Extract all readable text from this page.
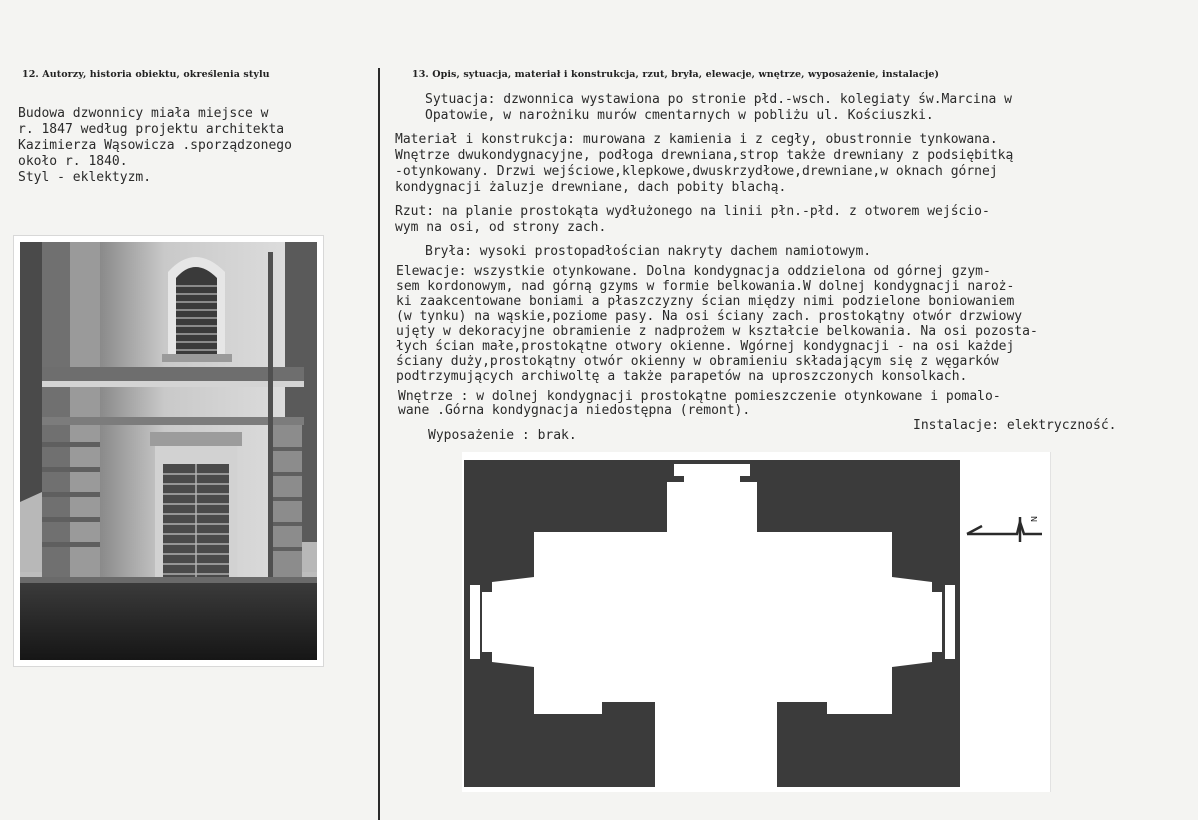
12. Autorzy, historia obiektu, określenia stylu	13. Opis, sytuacja, materiał i konstrukcja, rzut, bryła, elewacje, wnętrze, wyposażenie, instalacje)
Budowa dzwonnicy miała miejsce w
r. 1847 według projektu architekta
Kazimierza Wąsowicza .sporządzonego
około r. 1840.
Styl - eklektyzm.
Sytuacja: dzwonnica wystawiona po stronie płd.-wsch. kolegiaty św.Marcina w
Opatowie, w narożniku murów cmentarnych w pobliżu ul. Kościuszki.
Materiał i konstrukcja: murowana z kamienia i z cegły, obustronnie tynkowana.
Wnętrze dwukondygnacyjne, podłoga drewniana,strop także drewniany z podsiębitką
-otynkowany. Drzwi wejściowe,klepkowe,dwuskrzydłowe,drewniane,w oknach górnej
kondygnacji żaluzje drewniane, dach pobity blachą.
Rzut: na planie prostokąta wydłużonego na linii płn.-płd. z otworem wejścio-
wym na osi, od strony zach.
Bryła: wysoki prostopadłościan nakryty dachem namiotowym.
Elewacje: wszystkie otynkowane. Dolna kondygnacja oddzielona od górnej gzym-
sem kordonowym, nad górną gzyms w formie belkowania.W dolnej kondygnacji naroż-
ki zaakcentowane boniami a płaszczyzny ścian między nimi podzielone boniowaniem
(w tynku) na wąskie,poziome pasy. Na osi ściany zach. prostokątny otwór drzwiowy
ujęty w dekoracyjne obramienie z nadprożem w kształcie belkowania. Na osi pozosta-
łych ścian małe,prostokątne otwory okienne. Wgórnej kondygnacji - na osi każdej
ściany duży,prostokątny otwór okienny w obramieniu składającym się z węgarków
podtrzymujących archiwoltę a także parapetów na uproszczonych konsolkach.
Wnętrze : w dolnej kondygnacji prostokątne pomieszczenie otynkowane i pomalo-
wane .Górna kondygnacja niedostępna (remont).
Wyposażenie : brak.
Instalacje: elektryczność.
N
